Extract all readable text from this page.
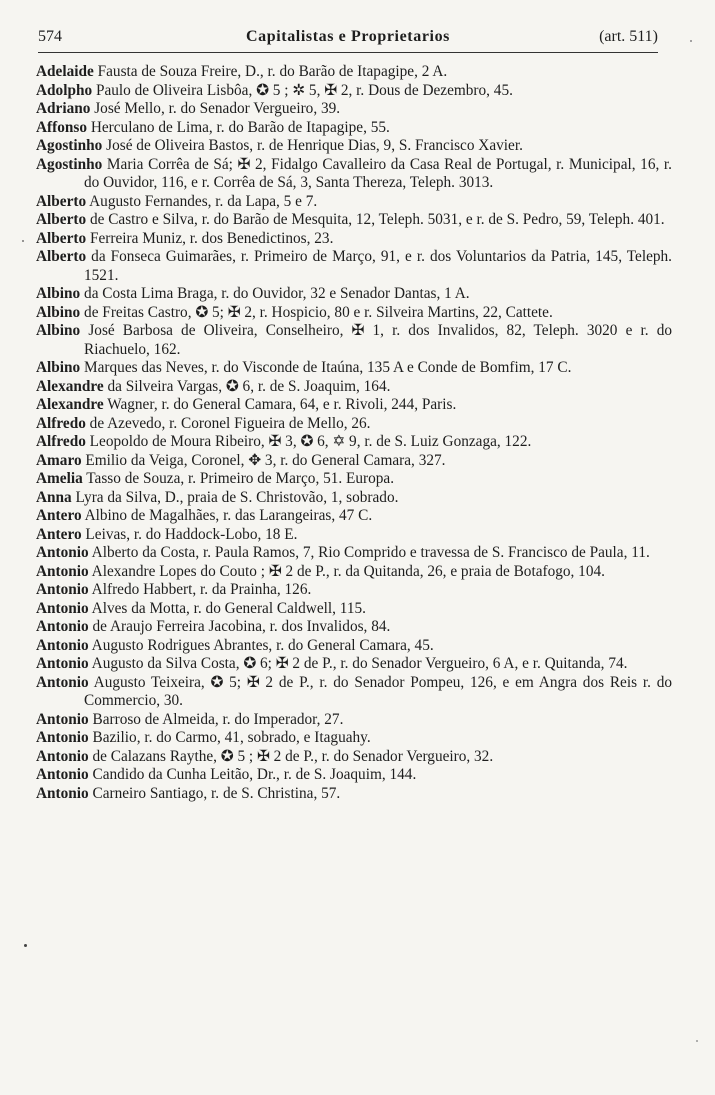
574	Capitalistas e Proprietarios	(art. 511)
Adelaide Fausta de Souza Freire, D., r. do Barão de Itapagipe, 2 A.
Adolpho Paulo de Oliveira Lisbôa, ✪ 5 ; ✲ 5, ✠ 2, r. Dous de Dezembro, 45.
Adriano José Mello, r. do Senador Vergueiro, 39.
Affonso Herculano de Lima, r. do Barão de Itapagipe, 55.
Agostinho José de Oliveira Bastos, r. de Henrique Dias, 9, S. Francisco Xavier.
Agostinho Maria Corrêa de Sá; ✠ 2, Fidalgo Cavalleiro da Casa Real de Portugal, r. Municipal, 16, r. do Ouvidor, 116, e r. Corrêa de Sá, 3, Santa Thereza, Teleph. 3013.
Alberto Augusto Fernandes, r. da Lapa, 5 e 7.
Alberto de Castro e Silva, r. do Barão de Mesquita, 12, Teleph. 5031, e r. de S. Pedro, 59, Teleph. 401.
Alberto Ferreira Muniz, r. dos Benedictinos, 23.
Alberto da Fonseca Guimarães, r. Primeiro de Março, 91, e r. dos Voluntarios da Patria, 145, Teleph. 1521.
Albino da Costa Lima Braga, r. do Ouvidor, 32 e Senador Dantas, 1 A.
Albino de Freitas Castro, ✪ 5; ✠ 2, r. Hospicio, 80 e r. Silveira Martins, 22, Cattete.
Albino José Barbosa de Oliveira, Conselheiro, ✠ 1, r. dos Invalidos, 82, Teleph. 3020 e r. do Riachuelo, 162.
Albino Marques das Neves, r. do Visconde de Itaúna, 135 A e Conde de Bomfim, 17 C.
Alexandre da Silveira Vargas, ✪ 6, r. de S. Joaquim, 164.
Alexandre Wagner, r. do General Camara, 64, e r. Rivoli, 244, Paris.
Alfredo de Azevedo, r. Coronel Figueira de Mello, 26.
Alfredo Leopoldo de Moura Ribeiro, ✠ 3, ✪ 6, ✡ 9, r. de S. Luiz Gonzaga, 122.
Amaro Emilio da Veiga, Coronel, ✥ 3, r. do General Camara, 327.
Amelia Tasso de Souza, r. Primeiro de Março, 51. Europa.
Anna Lyra da Silva, D., praia de S. Christovão, 1, sobrado.
Antero Albino de Magalhães, r. das Larangeiras, 47 C.
Antero Leivas, r. do Haddock-Lobo, 18 E.
Antonio Alberto da Costa, r. Paula Ramos, 7, Rio Comprido e travessa de S. Francisco de Paula, 11.
Antonio Alexandre Lopes do Couto ; ✠ 2 de P., r. da Quitanda, 26, e praia de Botafogo, 104.
Antonio Alfredo Habbert, r. da Prainha, 126.
Antonio Alves da Motta, r. do General Caldwell, 115.
Antonio de Araujo Ferreira Jacobina, r. dos Invalidos, 84.
Antonio Augusto Rodrigues Abrantes, r. do General Camara, 45.
Antonio Augusto da Silva Costa, ✪ 6; ✠ 2 de P., r. do Senador Vergueiro, 6 A, e r. Quitanda, 74.
Antonio Augusto Teixeira, ✪ 5; ✠ 2 de P., r. do Senador Pompeu, 126, e em Angra dos Reis r. do Commercio, 30.
Antonio Barroso de Almeida, r. do Imperador, 27.
Antonio Bazilio, r. do Carmo, 41, sobrado, e Itaguahy.
Antonio de Calazans Raythe, ✪ 5 ; ✠ 2 de P., r. do Senador Vergueiro, 32.
Antonio Candido da Cunha Leitão, Dr., r. de S. Joaquim, 144.
Antonio Carneiro Santiago, r. de S. Christina, 57.
